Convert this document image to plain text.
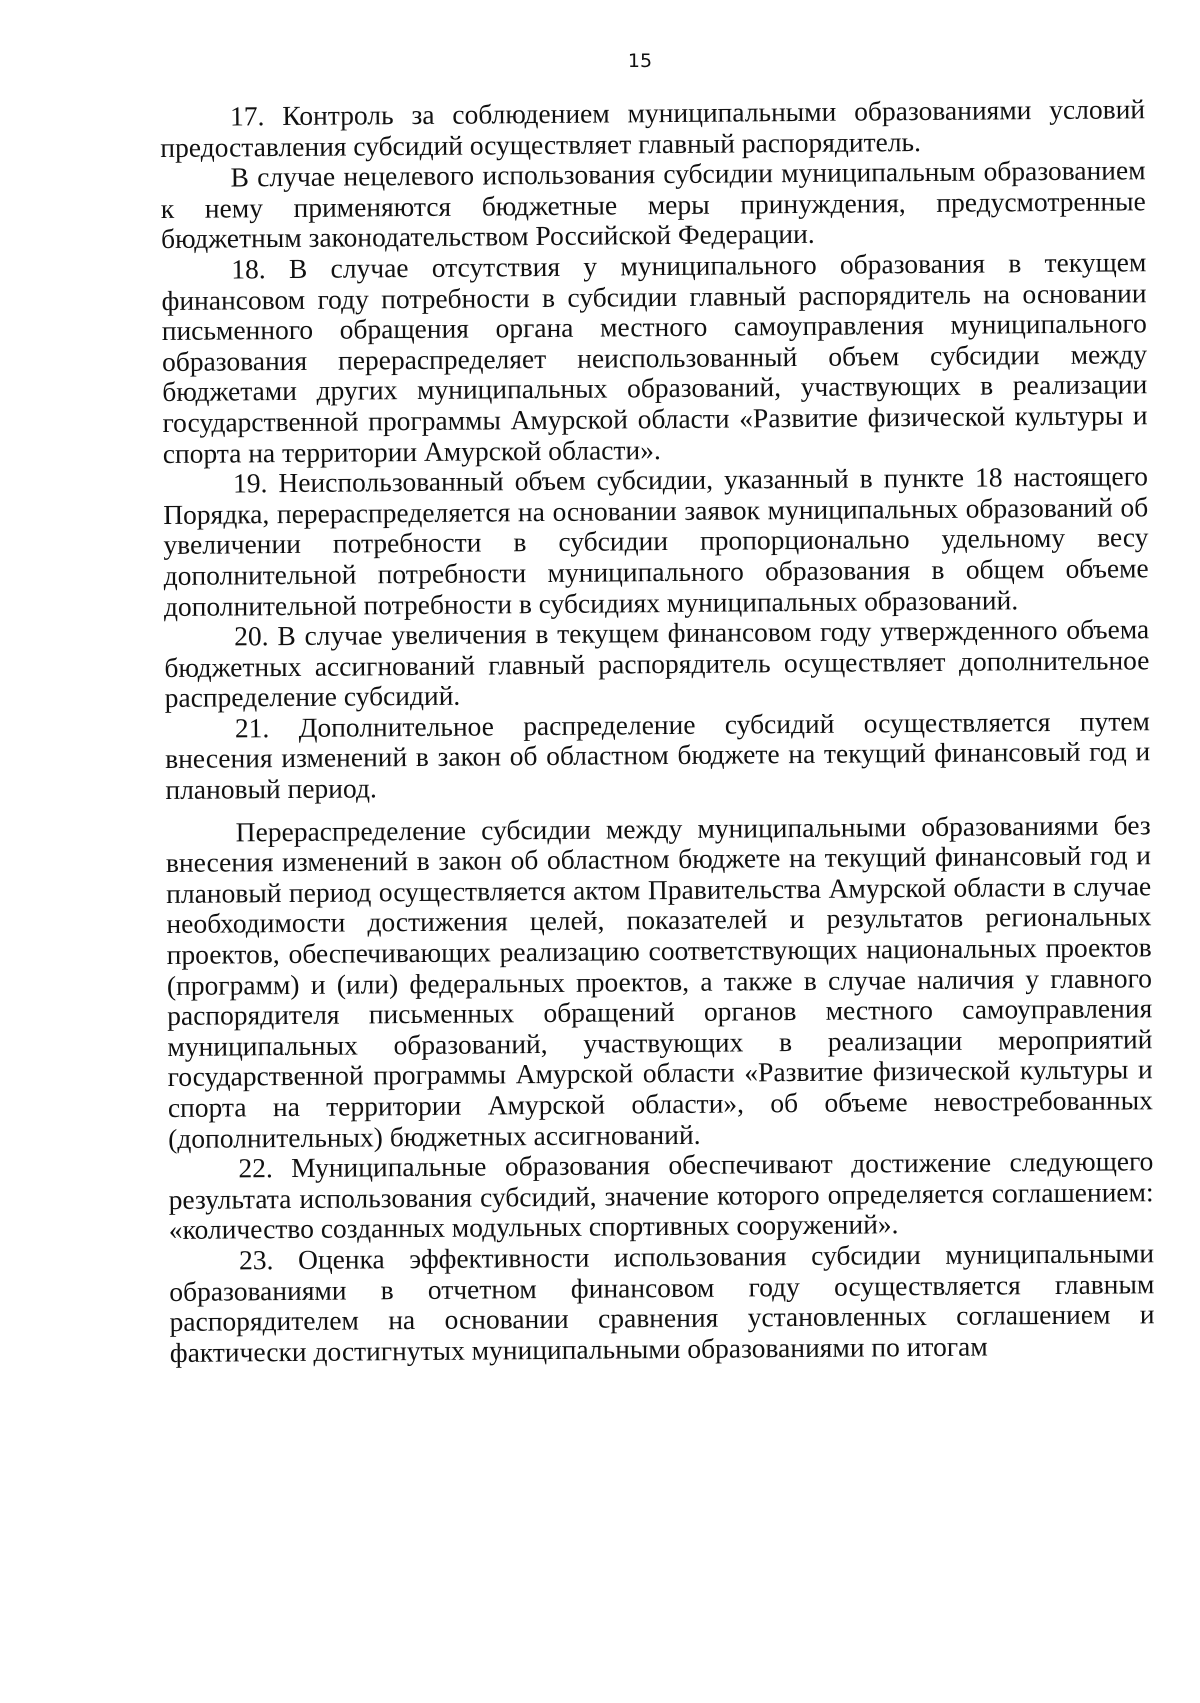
15

17. Контроль за соблюдением муниципальными образованиями условий предоставления субсидий осуществляет главный распорядитель.

В случае нецелевого использования субсидии муниципальным образованием к нему применяются бюджетные меры принуждения, предусмотренные бюджетным законодательством Российской Федерации.

18. В случае отсутствия у муниципального образования в текущем финансовом году потребности в субсидии главный распорядитель на основании письменного обращения органа местного самоуправления муниципального образования перераспределяет неиспользованный объем субсидии между бюджетами других муниципальных образований, участвующих в реализации государственной программы Амурской области «Развитие физической культуры и спорта на территории Амурской области».

19. Неиспользованный объем субсидии, указанный в пункте 18 настоящего Порядка, перераспределяется на основании заявок муниципальных образований об увеличении потребности в субсидии пропорционально удельному весу дополнительной потребности муниципального образования в общем объеме дополнительной потребности в субсидиях муниципальных образований.

20. В случае увеличения в текущем финансовом году утвержденного объема бюджетных ассигнований главный распорядитель осуществляет дополнительное распределение субсидий.

21. Дополнительное распределение субсидий осуществляется путем внесения изменений в закон об областном бюджете на текущий финансовый год и плановый период.

Перераспределение субсидии между муниципальными образованиями без внесения изменений в закон об областном бюджете на текущий финансовый год и плановый период осуществляется актом Правительства Амурской области в случае необходимости достижения целей, показателей и результатов региональных проектов, обеспечивающих реализацию соответствующих национальных проектов (программ) и (или) федеральных проектов, а также в случае наличия у главного распорядителя письменных обращений органов местного самоуправления муниципальных образований, участвующих в реализации мероприятий государственной программы Амурской области «Развитие физической культуры и спорта на территории Амурской области», об объеме невостребованных (дополнительных) бюджетных ассигнований.

22. Муниципальные образования обеспечивают достижение следующего результата использования субсидий, значение которого определяется соглашением: «количество созданных модульных спортивных сооружений».

23. Оценка эффективности использования субсидии муниципальными образованиями в отчетном финансовом году осуществляется главным распорядителем на основании сравнения установленных соглашением и фактически достигнутых муниципальными образованиями по итогам
